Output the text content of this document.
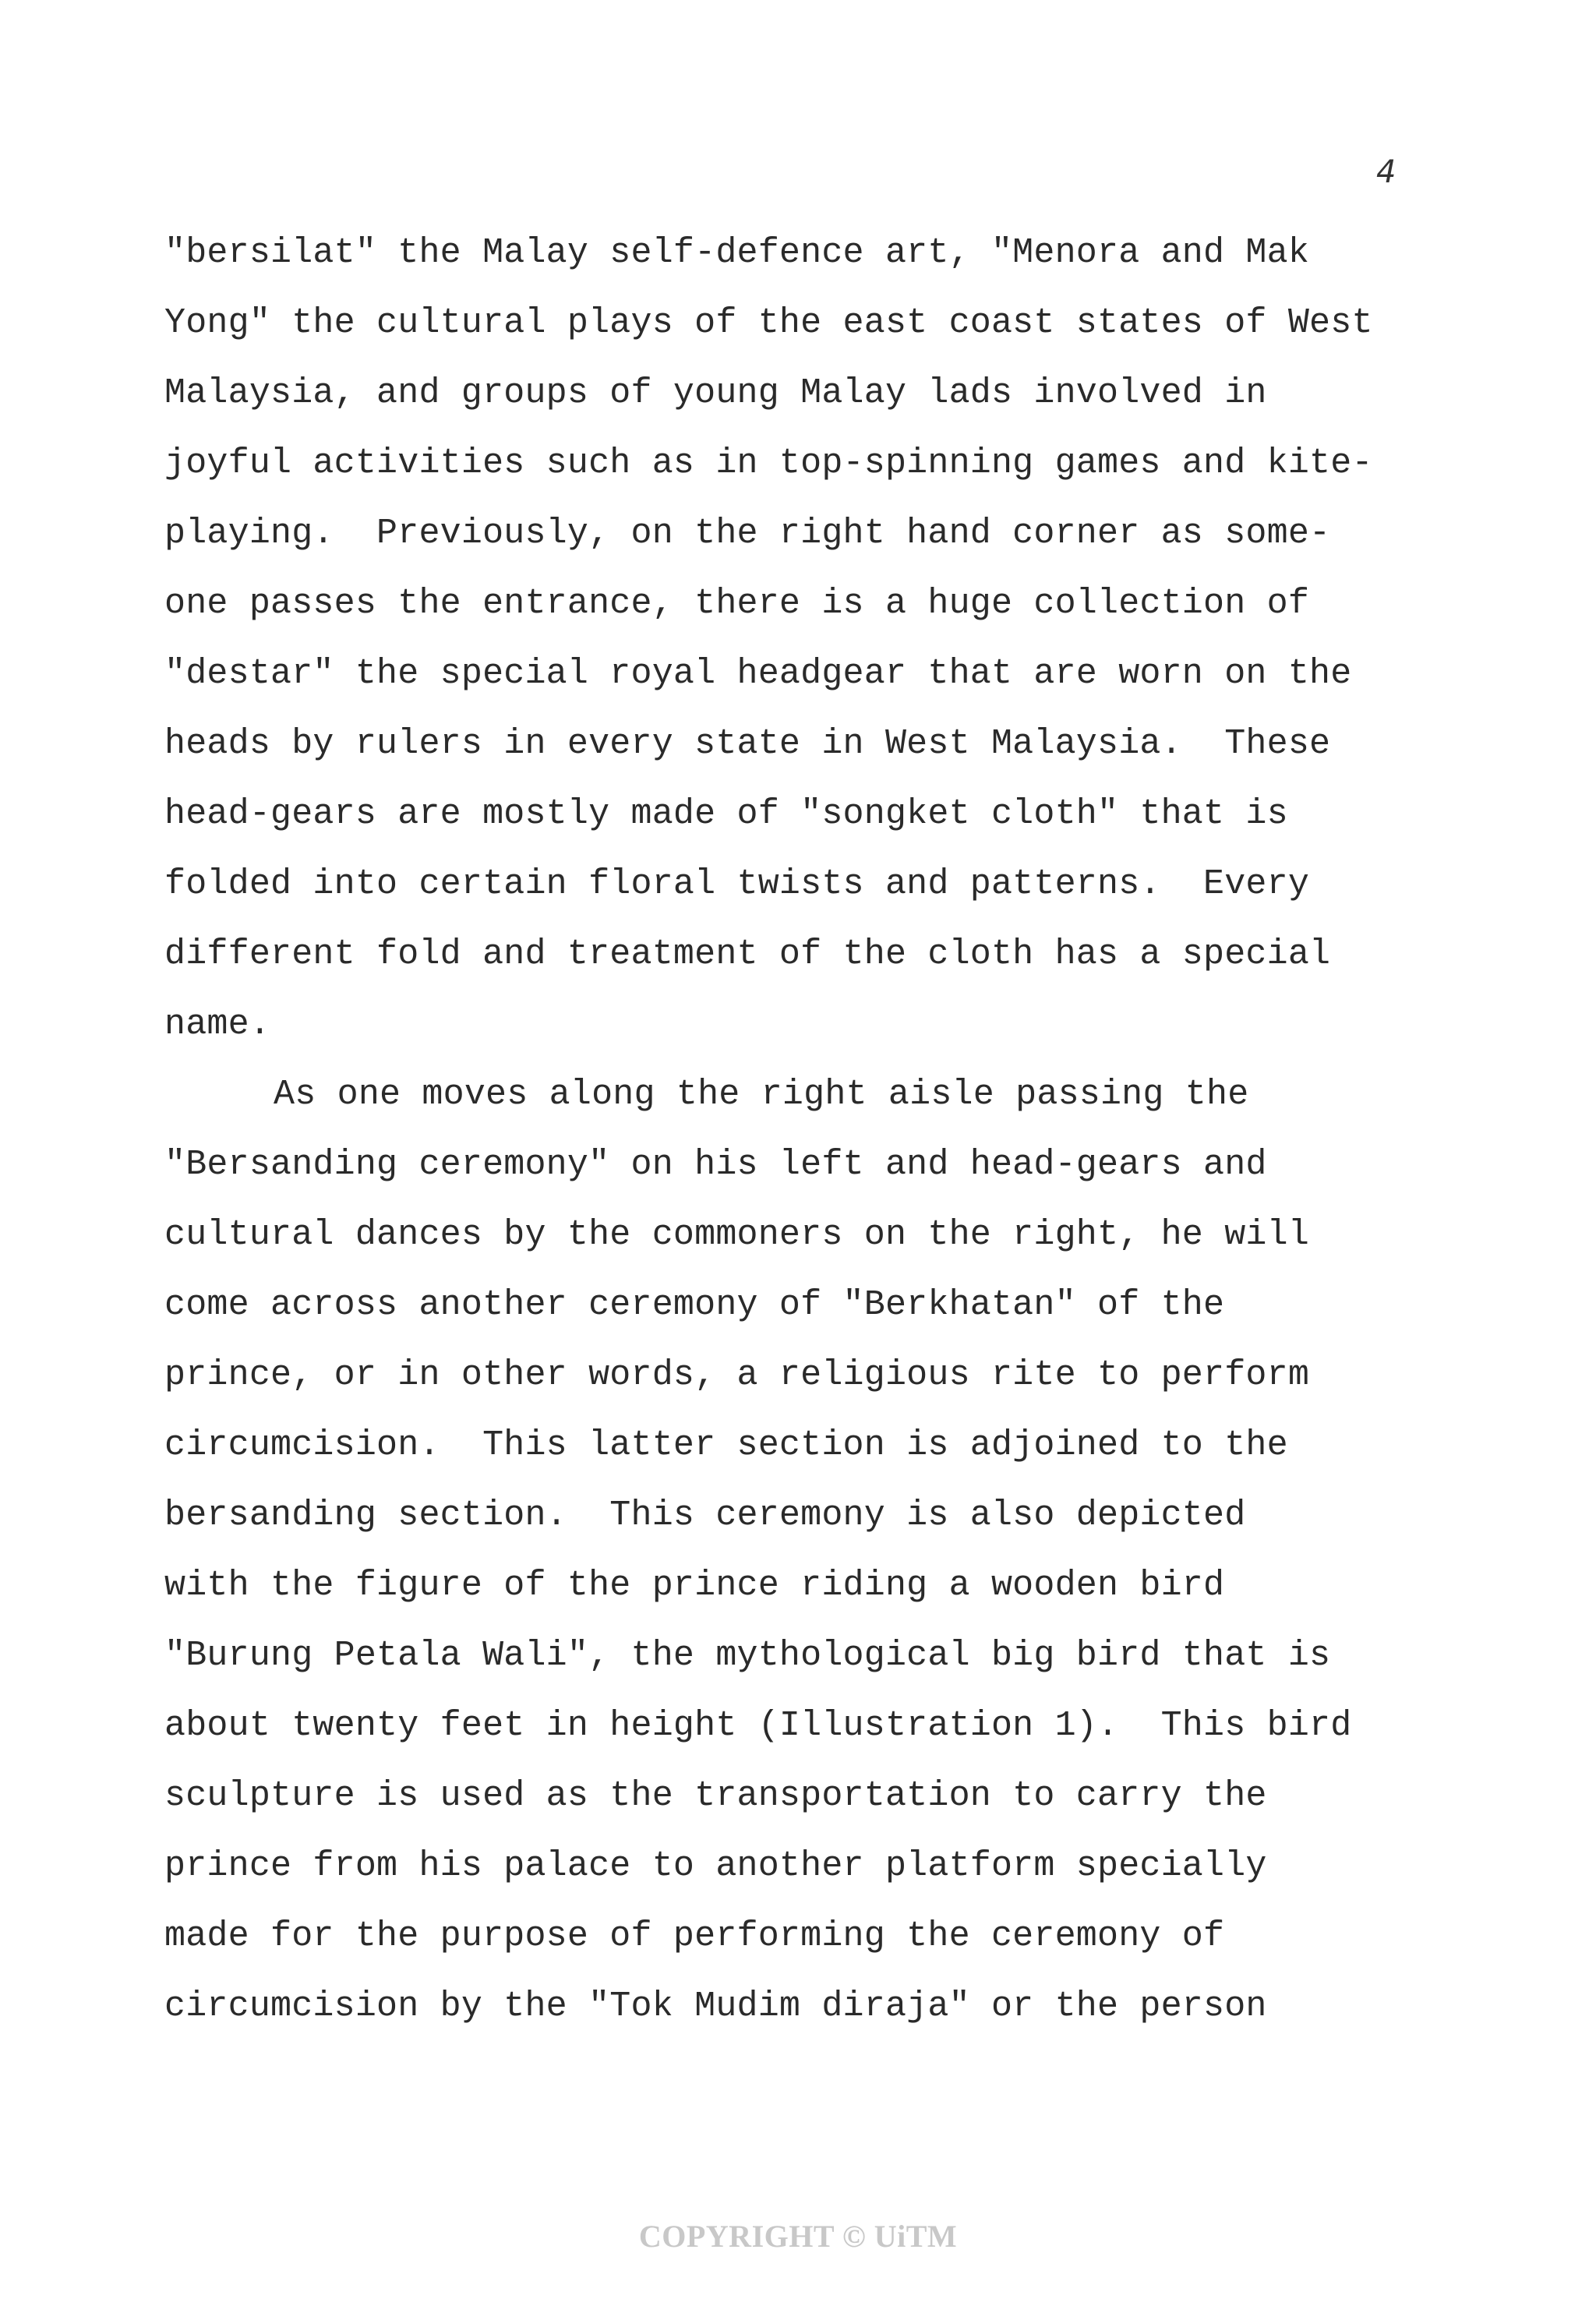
4
"bersilat" the Malay self-defence art, "Menora and Mak
Yong" the cultural plays of the east coast states of West
Malaysia, and groups of young Malay lads involved in
joyful activities such as in top-spinning games and kite-
playing.  Previously, on the right hand corner as some-
one passes the entrance, there is a huge collection of
"destar" the special royal headgear that are worn on the
heads by rulers in every state in West Malaysia.  These
head-gears are mostly made of "songket cloth" that is
folded into certain floral twists and patterns.  Every
different fold and treatment of the cloth has a special
name.
As one moves along the right aisle passing the
"Bersanding ceremony" on his left and head-gears and
cultural dances by the commoners on the right, he will
come across another ceremony of "Berkhatan" of the
prince, or in other words, a religious rite to perform
circumcision.  This latter section is adjoined to the
bersanding section.  This ceremony is also depicted
with the figure of the prince riding a wooden bird
"Burung Petala Wali", the mythological big bird that is
about twenty feet in height (Illustration 1).  This bird
sculpture is used as the transportation to carry the
prince from his palace to another platform specially
made for the purpose of performing the ceremony of
circumcision by the "Tok Mudim diraja" or the person
COPYRIGHT © UiTM
